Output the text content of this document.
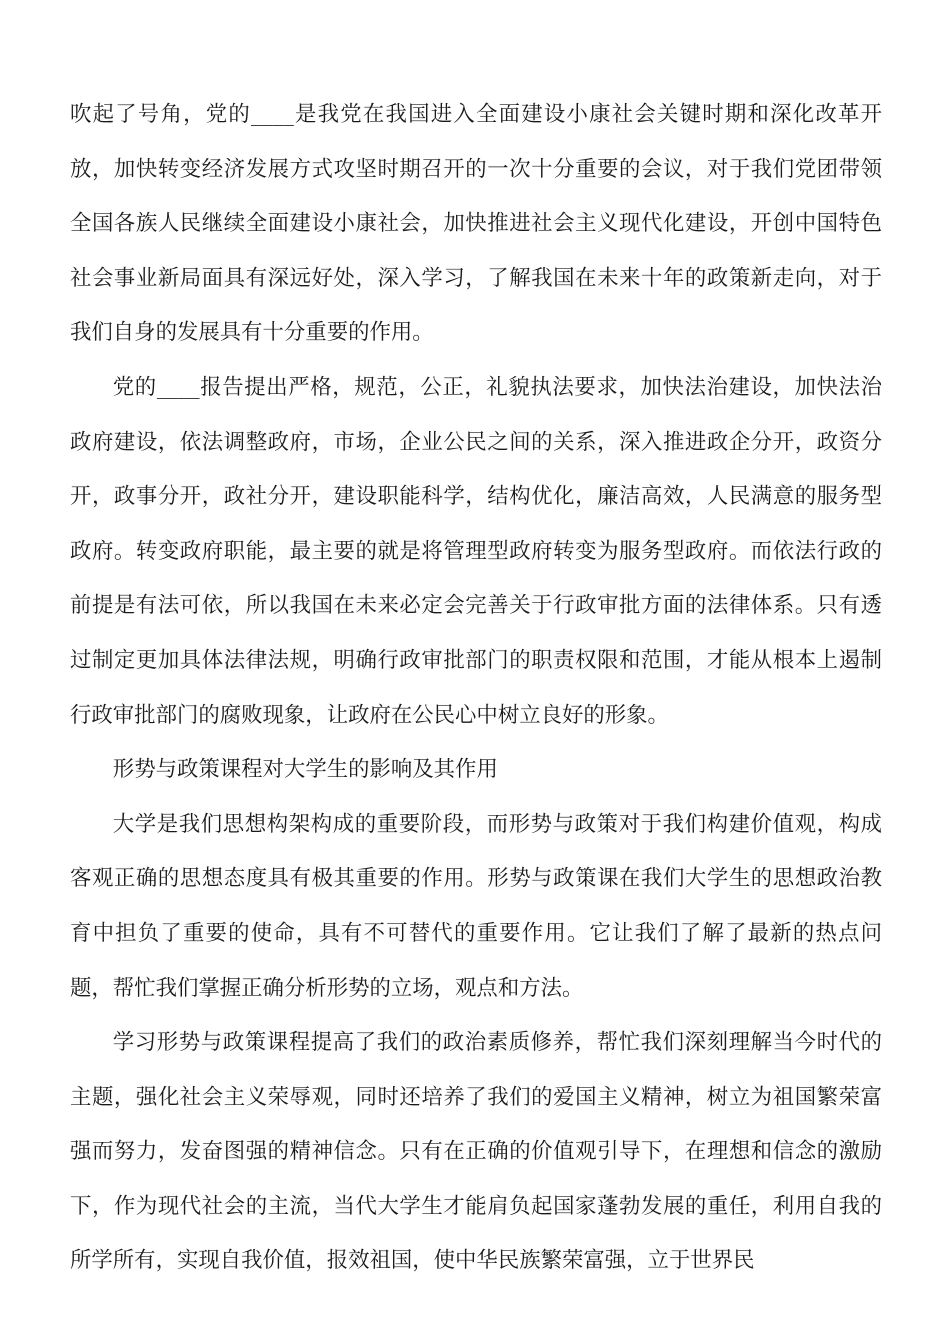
吹起了号角，党的____是我党在我国进入全面建设小康社会关键时期和深化改革开放，加快转变经济发展方式攻坚时期召开的一次十分重要的会议，对于我们党团带领全国各族人民继续全面建设小康社会，加快推进社会主义现代化建设，开创中国特色社会事业新局面具有深远好处，深入学习，了解我国在未来十年的政策新走向，对于我们自身的发展具有十分重要的作用。

党的____报告提出严格，规范，公正，礼貌执法要求，加快法治建设，加快法治政府建设，依法调整政府，市场，企业公民之间的关系，深入推进政企分开，政资分开，政事分开，政社分开，建设职能科学，结构优化，廉洁高效，人民满意的服务型政府。转变政府职能，最主要的就是将管理型政府转变为服务型政府。而依法行政的前提是有法可依，所以我国在未来必定会完善关于行政审批方面的法律体系。只有透过制定更加具体法律法规，明确行政审批部门的职责权限和范围，才能从根本上遏制行政审批部门的腐败现象，让政府在公民心中树立良好的形象。

形势与政策课程对大学生的影响及其作用

大学是我们思想构架构成的重要阶段，而形势与政策对于我们构建价值观，构成客观正确的思想态度具有极其重要的作用。形势与政策课在我们大学生的思想政治教育中担负了重要的使命，具有不可替代的重要作用。它让我们了解了最新的热点问题，帮忙我们掌握正确分析形势的立场，观点和方法。

学习形势与政策课程提高了我们的政治素质修养，帮忙我们深刻理解当今时代的主题，强化社会主义荣辱观，同时还培养了我们的爱国主义精神，树立为祖国繁荣富强而努力，发奋图强的精神信念。只有在正确的价值观引导下，在理想和信念的激励下，作为现代社会的主流，当代大学生才能肩负起国家蓬勃发展的重任，利用自我的所学所有，实现自我价值，报效祖国，使中华民族繁荣富强，立于世界民
